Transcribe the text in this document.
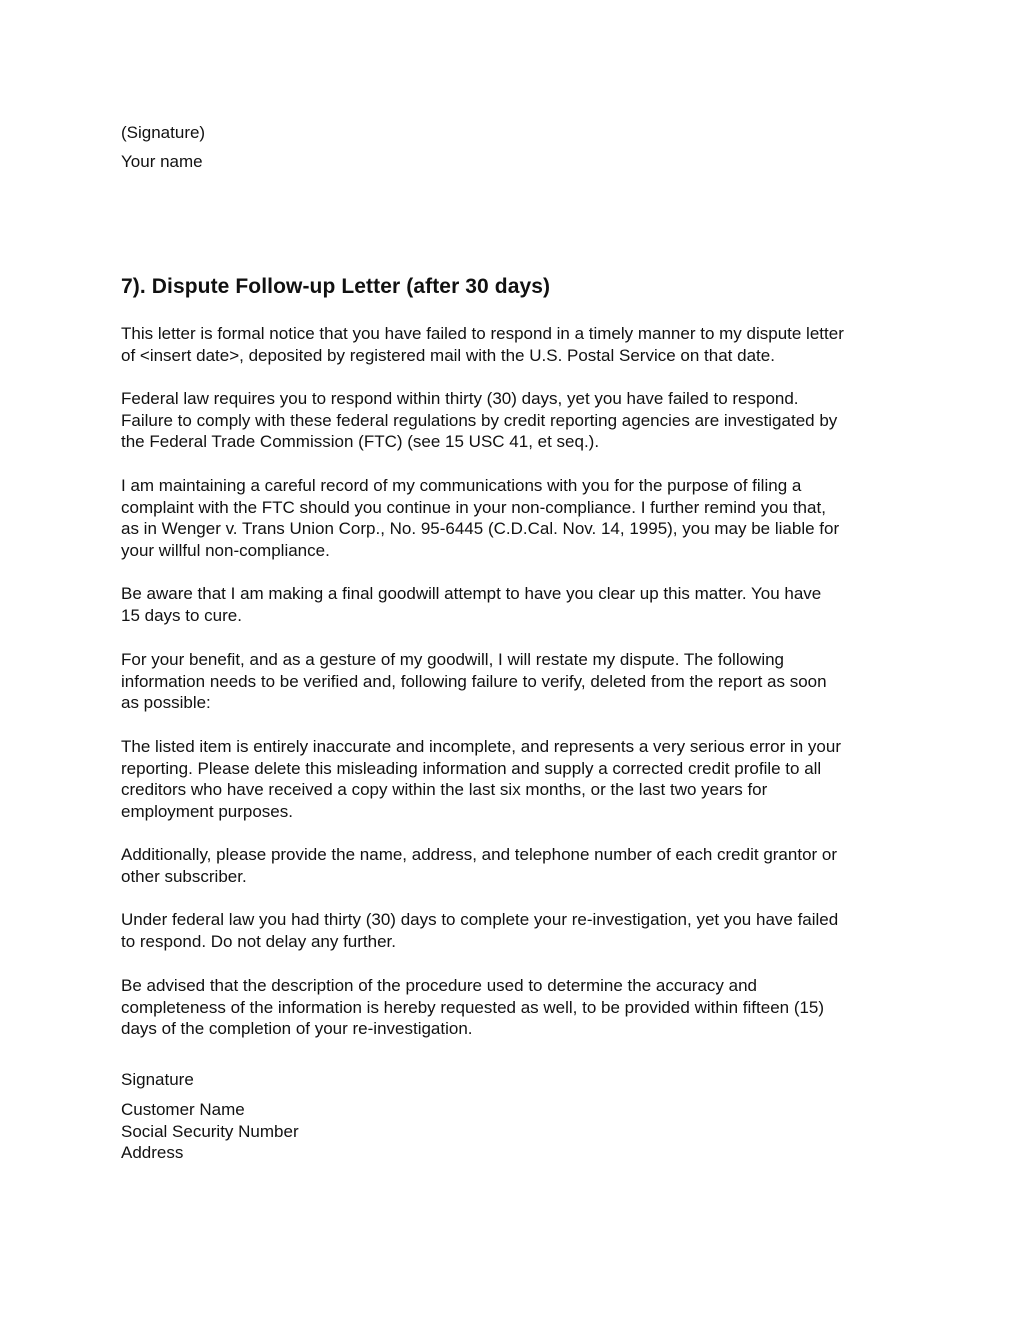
(Signature)
Your name
7). Dispute Follow-up Letter (after 30 days)
This letter is formal notice that you have failed to respond in a timely manner to my dispute letter
of <insert date>, deposited by registered mail with the U.S. Postal Service on that date.
Federal law requires you to respond within thirty (30) days, yet you have failed to respond.
Failure to comply with these federal regulations by credit reporting agencies are investigated by
the Federal Trade Commission (FTC) (see 15 USC 41, et seq.).
I am maintaining a careful record of my communications with you for the purpose of filing a
complaint with the FTC should you continue in your non-compliance. I further remind you that,
as in Wenger v. Trans Union Corp., No. 95-6445 (C.D.Cal. Nov. 14, 1995), you may be liable for
your willful non-compliance.
Be aware that I am making a final goodwill attempt to have you clear up this matter. You have
15 days to cure.
For your benefit, and as a gesture of my goodwill, I will restate my dispute. The following
information needs to be verified and, following failure to verify, deleted from the report as soon
as possible:
The listed item is entirely inaccurate and incomplete, and represents a very serious error in your
reporting. Please delete this misleading information and supply a corrected credit profile to all
creditors who have received a copy within the last six months, or the last two years for
employment purposes.
Additionally, please provide the name, address, and telephone number of each credit grantor or
other subscriber.
Under federal law you had thirty (30) days to complete your re-investigation, yet you have failed
to respond. Do not delay any further.
Be advised that the description of the procedure used to determine the accuracy and
completeness of the information is hereby requested as well, to be provided within fifteen (15)
days of the completion of your re-investigation.
Signature
Customer Name
Social Security Number
Address
